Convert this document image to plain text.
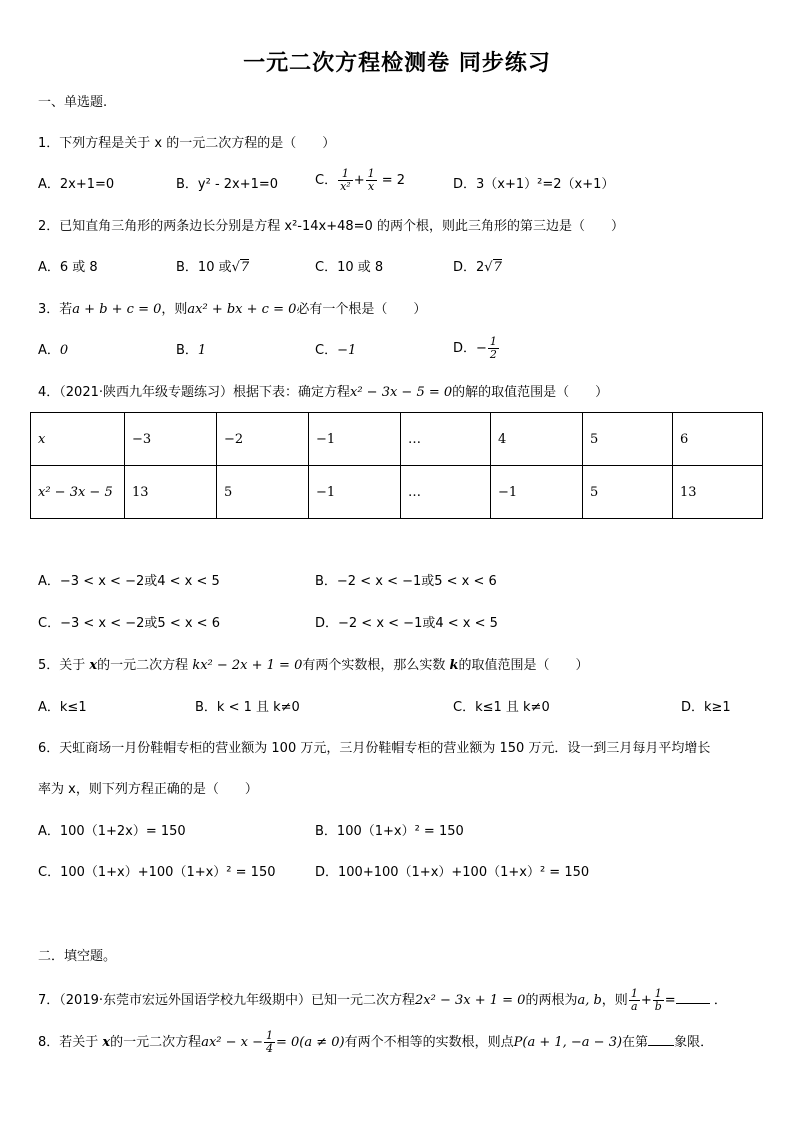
一元二次方程检测卷 同步练习
一、单选题.
1．下列方程是关于 x 的一元二次方程的是（　　）
A．2x+1=0	B．y² - 2x+1=0	C． $\frac{1}{\text{x²}} + \frac{1}{x} = 2$	D．3（x+1）²=2（x+1）
2．已知直角三角形的两条边长分别是方程 x²-14x+48=0 的两个根，则此三角形的第三边是（　　）
A．6 或 8	B．10 或√7	C．10 或 8	D．2√7
3．若a + b + c = 0，则ax² + bx + c = 0必有一个根是（　　）
A．0	B．1	C．−1	D．− $\frac{1}{2}$
4．（2021·陕西九年级专题练习）根据下表：确定方程x² − 3x − 5 = 0的解的取值范围是（　　）
x	−3	−2	−1	…	4	5	6
x² − 3x − 5	13	5	−1	…	−1	5	13
A．−3 < x < −2或4 < x < 5	B．−2 < x < −1或5 < x < 6
C．−3 < x < −2或5 < x < 6	D．−2 < x < −1或4 < x < 5
5．关于 x的一元二次方程 kx² − 2x + 1 = 0有两个实数根，那么实数 k的取值范围是（　　）
A．k≤1	B．k < 1 且 k≠0	C．k≤1 且 k≠0	D．k≥1
6．天虹商场一月份鞋帽专柜的营业额为 100 万元，三月份鞋帽专柜的营业额为 150 万元．设一到三月每月平均增长
率为 x，则下列方程正确的是（　　）
A．100（1+2x）= 150	B．100（1+x）² = 150
C．100（1+x）+100（1+x）² = 150	D．100+100（1+x）+100（1+x）² = 150
二．填空题。
7．（2019·东莞市宏远外国语学校九年级期中）已知一元二次方程2x² − 3x + 1 = 0的两根为a, b，则 $\frac{1}{a} + \frac{1}{b}$ =	．
8．若关于 x的一元二次方程$ax^2 - x - \frac{1}{4} = 0(a \ne 0)$有两个不相等的实数根，则点P(a + 1, −a − 3)在第 象限．
